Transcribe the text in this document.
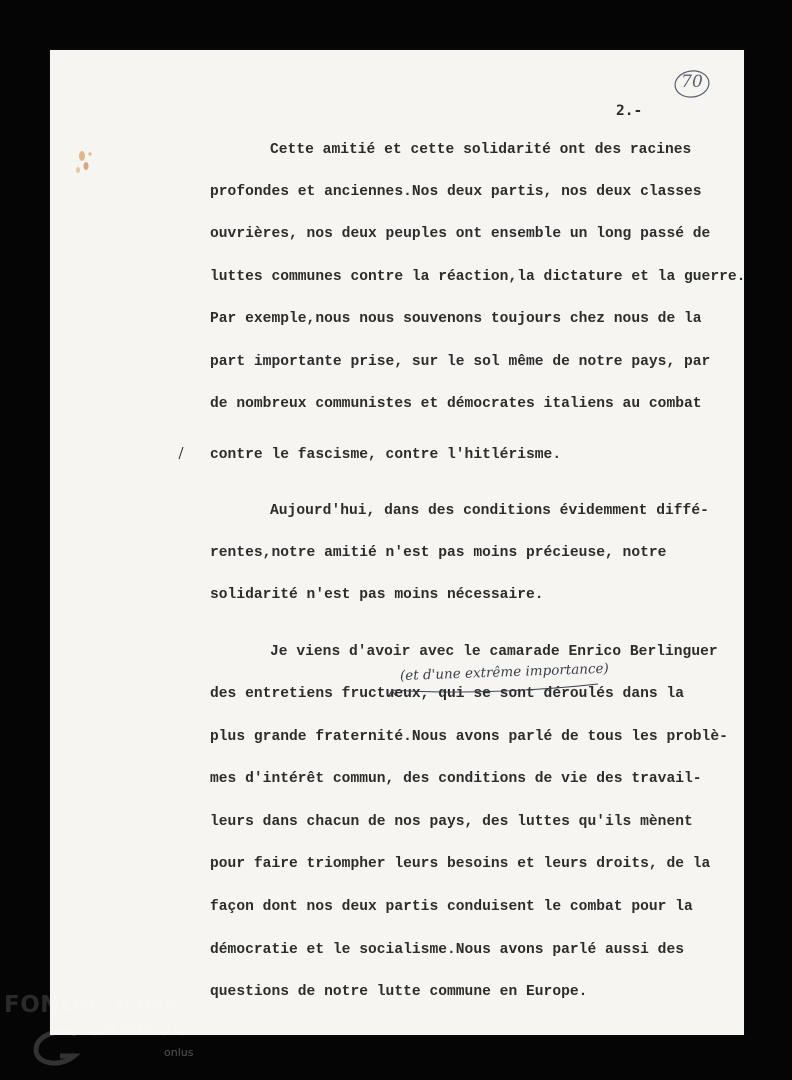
70
2.-
Cette amitié et cette solidarité ont des racines
profondes et anciennes.Nos deux partis, nos deux classes
ouvrières, nos deux peuples ont ensemble un long passé de
luttes communes contre la réaction,la dictature et la guerre.
Par exemple,nous nous souvenons toujours chez nous de la
part importante prise, sur le sol même de notre pays, par
de nombreux communistes et démocrates italiens au combat
contre le fascisme, contre l'hitlérisme.
Aujourd'hui, dans des conditions évidemment diffé-
rentes,notre amitié n'est pas moins précieuse, notre
solidarité n'est pas moins nécessaire.
Je viens d'avoir avec le camarade Enrico Berlinguer
des entretiens fructueux, qui se sont déroulés dans la
plus grande fraternité.Nous avons parlé de tous les problè-
mes d'intérêt commun, des conditions de vie des travail-
leurs dans chacun de nos pays, des luttes qu'ils mènent
pour faire triompher leurs besoins et leurs droits, de la
façon dont nos deux partis conduisent le combat pour la
démocratie et le socialisme.Nous avons parlé aussi des
questions de notre lutte commune en Europe.
(et d'une extrême importance)
FONDAZIONE
GRAMSCI
onlus
